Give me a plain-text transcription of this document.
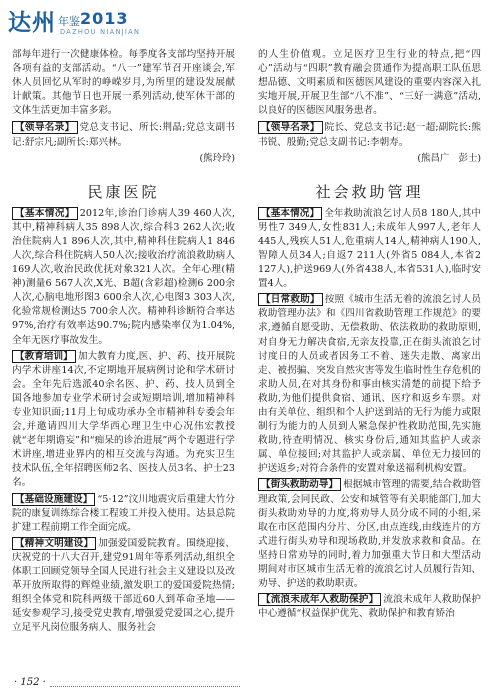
达州 年鉴 2013
DAZHOU NIANJIAN

部每年进行一次健康体检。每季度各支部均坚持开展各项有益的支部活动。“八一”建军节召开座谈会,军休人员回忆从军时的峥嵘岁月,为所里的建设发展献计献策。其他节日也开展一系列活动,使军休干部的文体生活更加丰富多彩。

【领导名录】 党总支书记、所长:荆晶;党总支副书记:舒宗凡;副所长:郑兴林。

(熊玲玲)

民康医院

【基本情况】 2012年,诊治门诊病人39 460人次,其中,精神科病人35 898人次,综合科3 262人次;收治住院病人1 896人次,其中,精神科住院病人1 846人次,综合科住院病人50人次;接收治疗流浪救助病人169人次,收治民政优抚对象321人次。全年心理(精神)测量6 567人次,X光、B超(含彩超)检测6 200余人次,心脑电地形图3 600余人次,心电图3 303人次,化验常规检测达5 700余人次。精神科诊断符合率达97%,治疗有效率达90.7%;院内感染率仅为1.04%,全年无医疗事故发生。

【教育培训】 加大教育力度,医、护、药、技开展院内学术讲座14次,不定期地开展病例讨论和学术研讨会。全年先后选派40余名医、护、药、技人员到全国各地参加专业学术研讨会或短期培训,增加精神科专业知识面;11月上旬成功承办全市精神科专委会年会,并邀请四川大学华西心理卫生中心况伟宏教授就“老年期谵妄”和“痴呆的诊治进展”两个专题进行学术讲座,增进业界内的相互交流与沟通。为充实卫生技术队伍,全年招聘医师2名、医技人员3名、护士23名。

【基础设施建设】 “5·12”汶川地震灾后重建大竹分院的康复训练综合楼工程竣工并投入使用。达县总院扩建工程前期工作全面完成。

【精神文明建设】 加强爱国爱院教育。围绕迎接、庆祝党的十八大召开,建党91周年等系列活动,组织全体职工回顾党领导全国人民进行社会主义建设以及改革开放所取得的辉煌业绩,激发职工的爱国爱院热情;组织全体党和院科两级干部近60人到革命圣地——延安参观学习,接受党史教育,增强爱党爱国之心,提升立足平凡岗位服务病人、服务社会

的人生价值观。立足医疗卫生行业的特点,把“四心”活动与“四职”教育融会贯通作为提高职工队伍思想品德、文明素质和医德医风建设的重要内容深入扎实地开展,开展卫生部“八不准”、“三好一满意”活动,以良好的医德医风服务患者。

【领导名录】 院长、党总支书记:赵一超;副院长:熊书锐、殷勤;党总支副书记:李朝寿。

(熊昌广　彭士)

社会救助管理

【基本情况】 全年救助流浪乞讨人员8 180人,其中男性7 349人,女性831人;未成年人997人,老年人445人,残疾人51人,危重病人14人,精神病人190人,智障人员34人;自返7 211人(外省5 084人,本省2 127人),护送969人(外省438人,本省531人),临时安置4人。

【日常救助】 按照《城市生活无着的流浪乞讨人员救助管理办法》和《四川省救助管理工作规范》的要求,遵循自愿受助、无偿救助、依法救助的救助原则,对自身无力解决食宿,无亲友投靠,正在街头流浪乞讨讨度日的人员或者因务工不着、迷失走散、离家出走、被拐骗、突发自然灾害等发生临时性生存危机的求助人员,在对其身份和事由核实清楚的前提下给予救助,为他们提供食宿、通讯、医疗和返乡车票。对由有关单位、组织和个人护送到站的无行为能力或限制行为能力的人员到人紧急保护性救助范围,先实施救助,待查明情况、核实身份后,通知其监护人或亲属、单位接回;对其监护人或亲属、单位无力接回的护送返乡;对符合条件的安置对象送福利机构安置。

【街头救助动导】 根据城市管理的需要,结合救助管理政策,会同民政、公安和城管等有关职能部门,加大街头救助劝导的力度,将劝导人员分成不同的小组,采取在市区范围内分片、分区,由点连线,由线连片的方式进行街头劝导和现场救助,并发放求救和食品。在坚持日常劝导的同时,着力加强重大节日和大型活动期间对市区城市生活无着的流浪乞讨人员履行告知、劝导、护送的救助职责。

【流浪未成年人救助保护】 流浪未成年人救助保护中心遵循“权益保护优先、救助保护和教育矫治

· 152 ·
